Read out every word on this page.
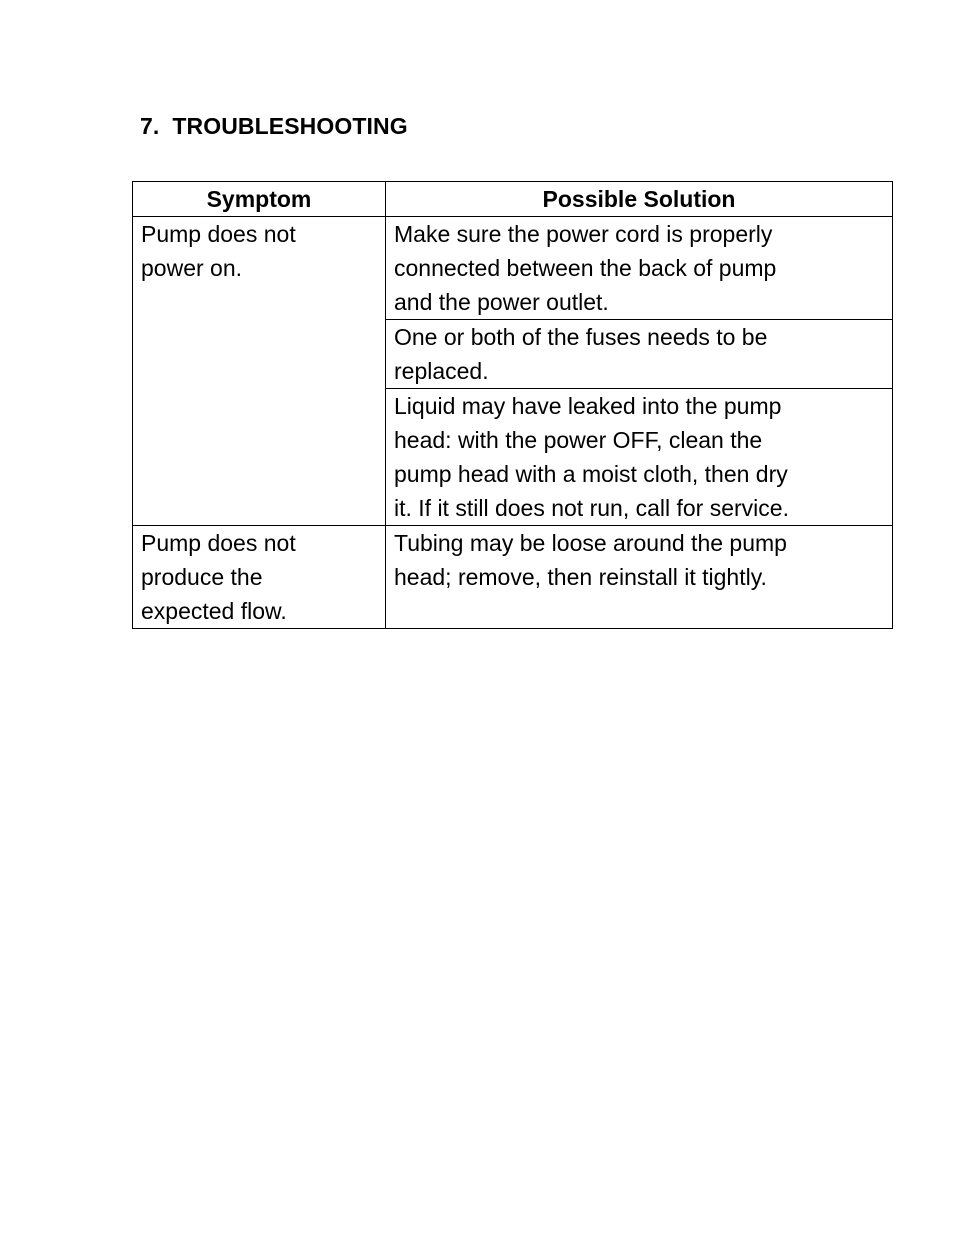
7.  TROUBLESHOOTING
Symptom	Possible Solution
Pump does not
power on.	Make sure the power cord is properly
connected between the back of pump
and the power outlet.
	One or both of the fuses needs to be
replaced.
	Liquid may have leaked into the pump
head: with the power OFF, clean the
pump head with a moist cloth, then dry
it. If it still does not run, call for service.
Pump does not
produce the
expected flow.	Tubing may be loose around the pump
head; remove, then reinstall it tightly.
